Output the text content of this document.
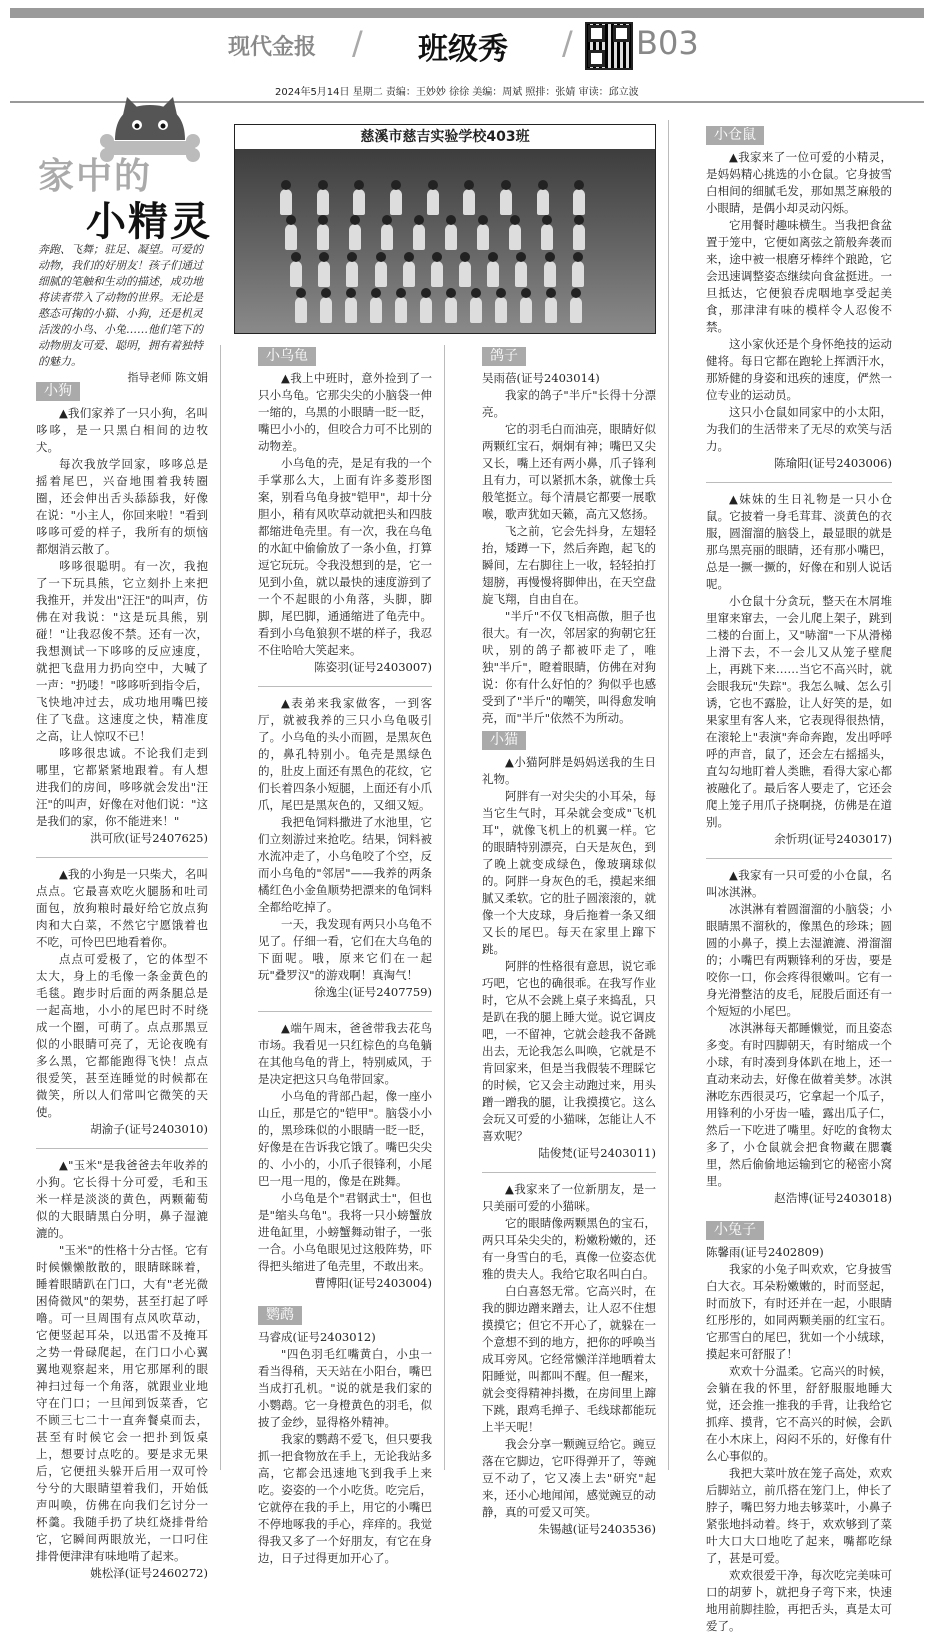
现代金报 / 班级秀 / B03
2024年5月14日 星期二 责编：王妙妙 徐徐 美编：周斌 照排：张婧 审读：邱立波
家中的
小精灵
奔跑、飞舞；驻足、凝望。可爱的动物，我们的好朋友！孩子们通过细腻的笔触和生动的描述，成功地将读者带入了动物的世界。无论是憨态可掬的小猫、小狗，还是机灵活泼的小鸟、小兔……他们笔下的动物朋友可爱、聪明，拥有着独特的魅力。
指导老师 陈文娟
慈溪市慈吉实验学校403班
小狗

▲我们家养了一只小狗，名叫哆哆，是一只黑白相间的边牧犬。

每次我放学回家，哆哆总是摇着尾巴，兴奋地围着我转圈圈，还会伸出舌头舔舔我，好像在说："小主人，你回来啦！"看到哆哆可爱的样子，我所有的烦恼都烟消云散了。

哆哆很聪明。有一次，我抱了一下玩具熊，它立刻扑上来把我推开，并发出"汪汪"的叫声，仿佛在对我说："这是玩具熊，别碰！"让我忍俊不禁。还有一次，我想测试一下哆哆的反应速度，就把飞盘用力扔向空中，大喊了一声："扔喽！"哆哆听到指令后，飞快地冲过去，成功地用嘴巴接住了飞盘。这速度之快，精准度之高，让人惊叹不已！

哆哆很忠诚。不论我们走到哪里，它都紧紧地跟着。有人想进我们的房间，哆哆就会发出"汪汪"的叫声，好像在对他们说："这是我们的家，你不能进来！"

洪可欣(证号2407625)

▲我的小狗是一只柴犬，名叫点点。它最喜欢吃火腿肠和吐司面包，放狗粮时最好给它放点狗肉和大白菜，不然它宁愿饿着也不吃，可怜巴巴地看着你。

点点可爱极了，它的体型不太大，身上的毛像一条金黄色的毛毯。跑步时后面的两条腿总是一起高地，小小的尾巴时不时绕成一个圈，可萌了。点点那黑豆似的小眼睛可亮了，无论夜晚有多么黑，它都能跑得飞快！点点很爱笑，甚至连睡觉的时候都在微笑，所以人们常叫它微笑的天使。

胡渝子(证号2403010)

▲"玉米"是我爸爸去年收养的小狗。它长得十分可爱，毛和玉米一样是淡淡的黄色，两颗葡萄似的大眼睛黑白分明，鼻子湿漉漉的。

"玉米"的性格十分古怪。它有时候懒懒散散的，眼睛眯眯着，睡着眼睛趴在门口，大有"老光微困倚微风"的架势，甚至打起了呼噜。可一旦周围有点风吹草动，它便竖起耳朵，以迅雷不及掩耳之势一骨碌爬起，在门口小心翼翼地观察起来，用它那犀利的眼神扫过每一个角落，就跟业业地守在门口；一旦闻到饭菜香，它不顾三七二十一直奔餐桌而去，甚至有时候它会一把扑到饭桌上，想要讨点吃的。要是求无果后，它便扭头躲开后用一双可怜兮兮的大眼睛望着我们，开始低声叫唤，仿佛在向我们乞讨分一杯羹。我随手扔了块红烧排骨给它，它瞬间两眼放光，一口叼住排骨便津津有味地啃了起来。

姚松泽(证号2460272)

小乌龟

▲我上中班时，意外捡到了一只小乌龟。它那尖尖的小脑袋一伸一缩的，乌黑的小眼睛一眨一眨，嘴巴小小的，但咬合力可不比别的动物差。

小乌龟的壳，是足有我的一个手掌那么大，上面有许多菱形图案，别看乌龟身披"铠甲"，却十分胆小，稍有风吹草动就把头和四肢都缩进龟壳里。有一次，我在乌龟的水缸中偷偷放了一条小鱼，打算逗它玩玩。令我没想到的是，它一见到小鱼，就以最快的速度游到了一个不起眼的小角落，头脚，脚脚，尾巴脚，通通缩进了龟壳中。看到小乌龟狼狈不堪的样子，我忍不住哈哈大笑起来。

陈姿羽(证号2403007)

▲表弟来我家做客，一到客厅，就被我养的三只小乌龟吸引了。小乌龟的头小而圆，是黑灰色的，鼻孔特别小。龟壳是黑绿色的，肚皮上面还有黑色的花纹，它们长着四条小短腿，上面还有小爪爪，尾巴是黑灰色的，又细又短。

我把龟饲料撒进了水池里，它们立刻游过来抢吃。结果，饲料被水流冲走了，小乌龟咬了个空，反而小乌龟的"邻居"——我养的两条橘红色小金鱼顺势把漂来的龟饲料全都给吃掉了。

一天，我发现有两只小乌龟不见了。仔细一看，它们在大乌龟的下面呢。哦，原来它们在一起玩"叠罗汉"的游戏啊！真淘气！

徐逸尘(证号2407759)

▲端午周末，爸爸带我去花鸟市场。我看见一只红棕色的乌龟躺在其他乌龟的背上，特别威风，于是决定把这只乌龟带回家。

小乌龟的背部凸起，像一座小山丘，那是它的"铠甲"。脑袋小小的，黑珍珠似的小眼睛一眨一眨，好像是在告诉我它饿了。嘴巴尖尖的、小小的，小爪子很锋利，小尾巴一甩一甩的，像是在跳舞。

小乌龟是个"君钢武士"，但也是"缩头乌龟"。我将一只小螃蟹放进龟缸里，小螃蟹舞动钳子，一张一合。小乌龟眼见过这般阵势，吓得把头缩进了龟壳里，不敢出来。

曹博阳(证号2403004)

鹦鹉

马睿成(证号2403012)

"四色羽毛红嘴黄白，小虫一看当得稍，天天站在小阳台，嘴巴当成打孔机。"说的就是我们家的小鹦鹉。它一身橙黄色的羽毛，似披了金纱，显得格外精神。

我家的鹦鹉不爱飞，但只要我抓一把食物放在手上，无论我站多高，它都会迅速地飞到我手上来吃。姿姿的一个小吃货。吃完后，它就停在我的手上，用它的小嘴巴不停地啄我的手心，痒痒的。我觉得我又多了一个好朋友，有它在身边，日子过得更加开心了。

鸽子

吴雨蓓(证号2403014)

我家的鸽子"半斤"长得十分漂亮。

它的羽毛白而油亮，眼睛好似两颗红宝石，炯炯有神；嘴巴又尖又长，嘴上还有两小鼻，爪子锋利且有力，可以紧抓木条，就像士兵般笔挺立。每个清晨它都要一展歌喉，歌声犹如天籁，高亢又悠扬。

飞之前，它会先抖身，左翅轻抬，矮蹲一下，然后奔跑，起飞的瞬间，左右脚往上一收，轻轻拍打翅膀，再慢慢将脚伸出，在天空盘旋飞翔，自由自在。

"半斤"不仅飞相高傲，胆子也很大。有一次，邻居家的狗朝它狂吠，别的鸽子都被吓走了，唯独"半斤"，瞪着眼睛，仿佛在对狗说：你有什么好怕的？狗似乎也感受到了"半斤"的嘲笑，叫得愈发响亮，而"半斤"依然不为所动。

小猫

▲小猫阿胖是妈妈送我的生日礼物。

阿胖有一对尖尖的小耳朵，每当它生气时，耳朵就会变成"飞机耳"，就像飞机上的机翼一样。它的眼睛特别漂亮，白天是灰色，到了晚上就变成绿色，像玻璃球似的。阿胖一身灰色的毛，摸起来细腻又柔软。它的肚子圆滚滚的，就像一个大皮球，身后拖着一条又细又长的尾巴。每天在家里上蹿下跳。

阿胖的性格很有意思，说它乖巧吧，它也的确很乖。在我写作业时，它从不会跳上桌子来捣乱，只是趴在我的腿上睡大觉。说它调皮吧，一不留神，它就会趁我不备跳出去，无论我怎么叫唤，它就是不肯回家来，但是当我假装不理睬它的时候，它又会主动跑过来，用头蹭一蹭我的腿，让我摸摸它。这么会玩又可爱的小猫咪，怎能让人不喜欢呢？

陆俊梵(证号2403011)

▲我家来了一位新朋友，是一只美丽可爱的小猫咪。

它的眼睛像两颗黑色的宝石，两只耳朵尖尖的，粉嫩粉嫩的，还有一身雪白的毛，真像一位姿态优雅的贵夫人。我给它取名叫白白。

白白喜怒无常。它高兴时，在我的脚边蹭来蹭去，让人忍不住想摸摸它；但它不开心了，就躲在一个意想不到的地方，把你的呼唤当成耳旁风。它经常懒洋洋地晒着太阳睡觉，叫都叫不醒。但一醒来，就会变得精神抖擞，在房间里上蹿下跳，跟鸡毛掸子、毛线球都能玩上半天呢！

我会分享一颗豌豆给它。豌豆落在它脚边，它吓得弹开了，等豌豆不动了，它又凑上去"研究"起来，还小心地闻闻，感觉豌豆的动静，真的可爱又可笑。

朱锡越(证号2403536)

小仓鼠

▲我家来了一位可爱的小精灵，是妈妈精心挑选的小仓鼠。它身披雪白相间的细腻毛发，那如黑芝麻般的小眼睛，是偶小却灵动闪烁。

它用餐时趣味横生。当我把食盆置于笼中，它便如离弦之箭般奔袭而来，途中被一根磨牙棒绊个踉跄，它会迅速调整姿态继续向食盆挺进。一旦抵达，它便狼吞虎咽地享受起美食，那津津有味的模样令人忍俊不禁。

这小家伙还是个身怀绝技的运动健将。每日它都在跑轮上挥洒汗水，那矫健的身姿和迅疾的速度，俨然一位专业的运动员。

这只小仓鼠如同家中的小太阳，为我们的生活带来了无尽的欢笑与活力。

陈瑜阳(证号2403006)

▲妹妹的生日礼物是一只小仓鼠。它披着一身毛茸茸、淡黄色的衣服，圆溜溜的脑袋上，最显眼的就是那乌黑亮丽的眼睛，还有那小嘴巴，总是一撅一撅的，好像在和别人说话呢。

小仓鼠十分贪玩，整天在木屑堆里窜来窜去，一会儿爬上架子，跳到二楼的台面上，又"哧溜"一下从滑梯上滑下去，不一会儿又从笼子壁爬上，再跳下来……当它不高兴时，就会眼我玩"失踪"。我怎么喊、怎么引诱，它也不露脸，让人好笑的是，如果家里有客人来，它表现得很热情，在滚轮上"表演"奔命奔跑，发出呼呼呼的声音，鼠了，还会左右摇摇头，直勾勾地盯着人类瞧，看得大家心都被融化了。最后客人要走了，它还会爬上笼子用爪子挠啊挠，仿佛是在道别。

余忻玥(证号2403017)

▲我家有一只可爱的小仓鼠，名叫冰淇淋。

冰淇淋有着圆溜溜的小脑袋；小眼睛黑不溜秋的，像黑色的珍珠；圆圆的小鼻子，摸上去湿漉漉、滑溜溜的；小嘴巴有两颗锋利的牙齿，要是咬你一口，你会疼得很嫩叫。它有一身光滑整洁的皮毛，屁股后面还有一个短短的小尾巴。

冰淇淋每天都睡懒觉，而且姿态多变。有时四脚朝天，有时缩成一个小球，有时凑到身体趴在地上，还一直动来动去，好像在做着美梦。冰淇淋吃东西很灵巧，它拿起一个瓜子，用锋利的小牙齿一嗑，露出瓜子仁，然后一下吃进了嘴里。好吃的食物太多了，小仓鼠就会把食物藏在腮囊里，然后偷偷地运输到它的秘密小窝里。

赵浩博(证号2403018)

小兔子

陈馨雨(证号2402809)

我家的小兔子叫欢欢，它身披雪白大衣。耳朵粉嫩嫩的，时而竖起，时而放下，有时还并在一起，小眼睛红彤彤的，如同两颗美丽的红宝石。它那雪白的尾巴，犹如一个小绒球，摸起来可舒服了！

欢欢十分温柔。它高兴的时候，会躺在我的怀里，舒舒服服地睡大觉，还会推一推我的手背，让我给它抓痒、摸背，它不高兴的时候，会趴在小木床上，闷闷不乐的，好像有什么心事似的。

我把大菜叶放在笼子高处，欢欢后脚站立，前爪搭在笼门上，伸长了脖子，嘴巴努力地去够菜叶，小鼻子紧张地抖动着。终于，欢欢够到了菜叶大口大口地吃了起来，嘴都吃绿了，甚是可爱。

欢欢很爱干净，每次吃完美味可口的胡萝卜，就把身子弯下来，快速地用前脚挂脸，再把舌头，真是太可爱了。
